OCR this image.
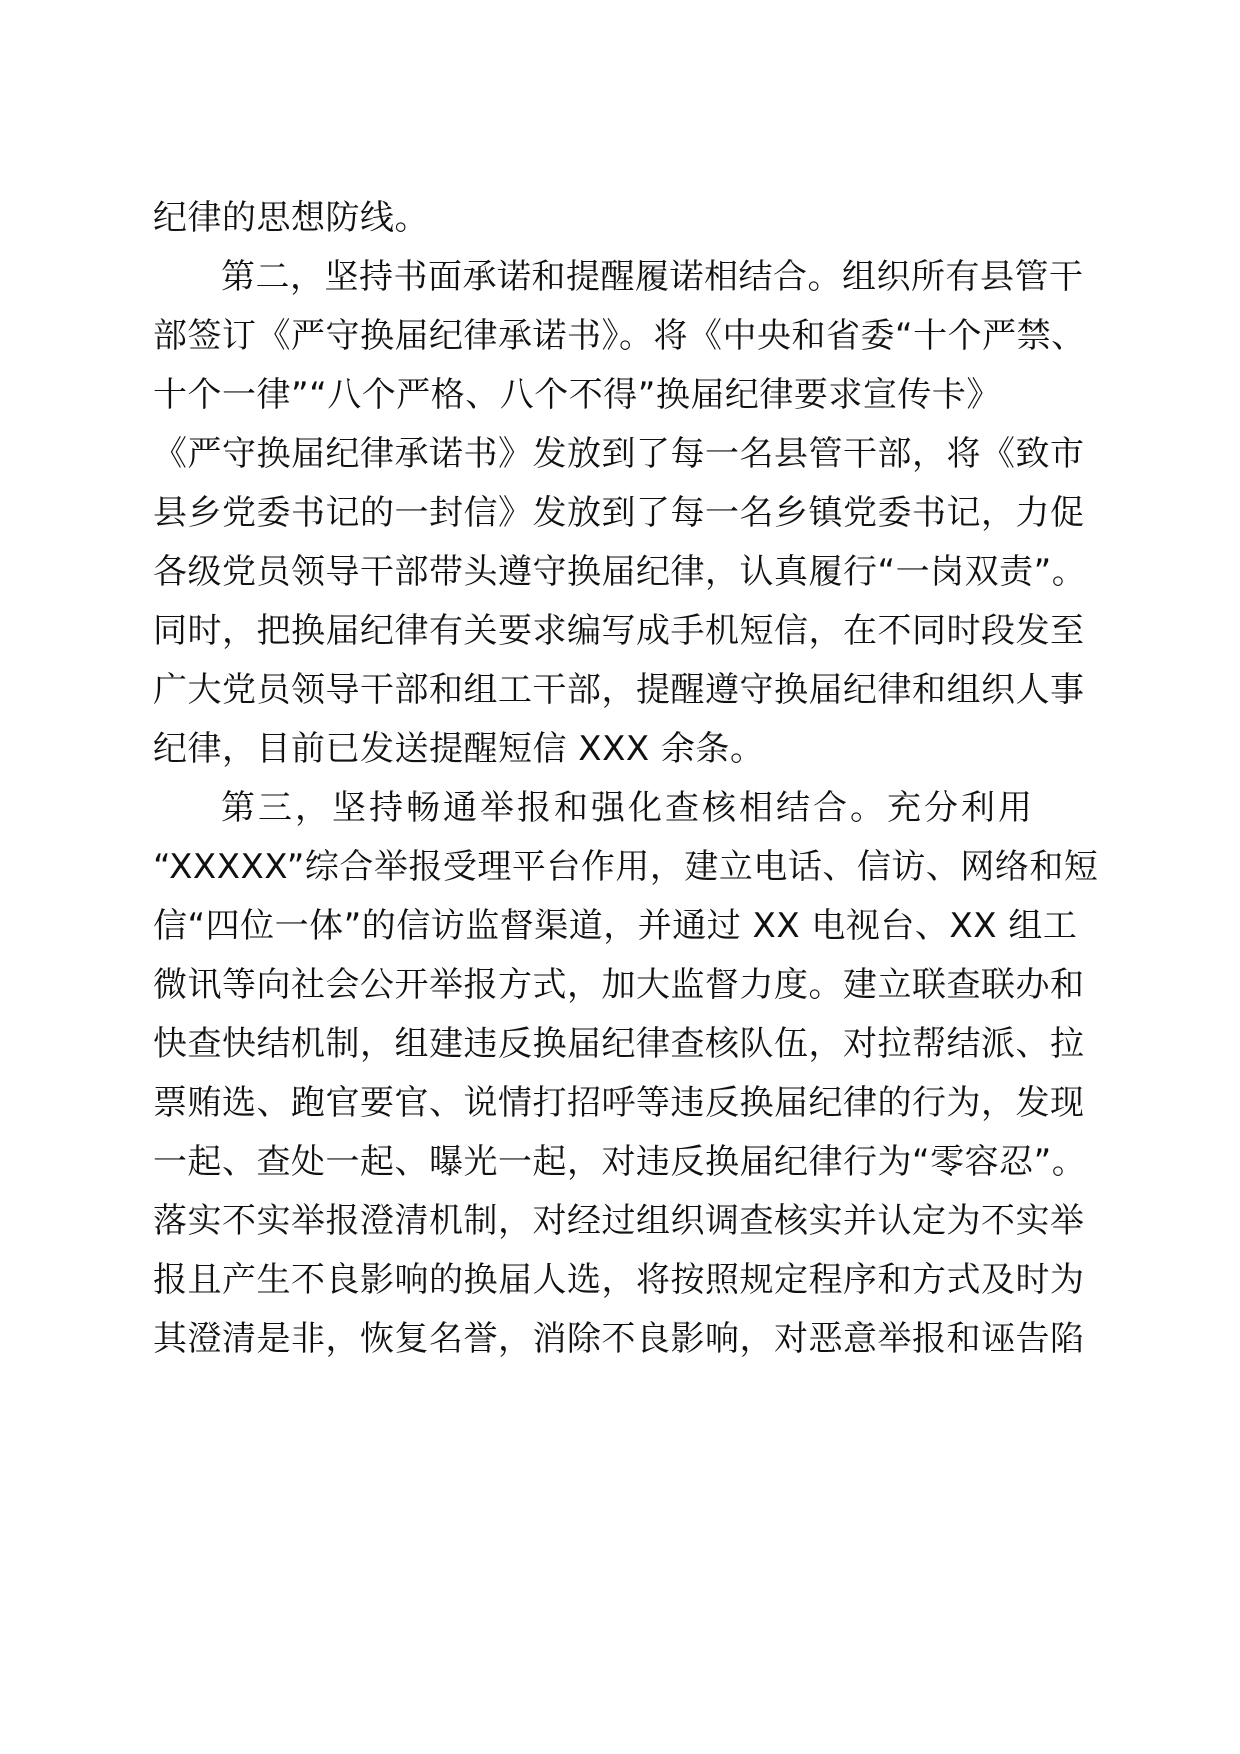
纪律的思想防线。
第二，坚持书面承诺和提醒履诺相结合。组织所有县管干
部签订《严守换届纪律承诺书》。将《中央和省委“十个严禁、
十个一律”“八个严格、八个不得”换届纪律要求宣传卡》
《严守换届纪律承诺书》发放到了每一名县管干部，将《致市
县乡党委书记的一封信》发放到了每一名乡镇党委书记，力促
各级党员领导干部带头遵守换届纪律，认真履行“一岗双责”。
同时，把换届纪律有关要求编写成手机短信，在不同时段发至
广大党员领导干部和组工干部，提醒遵守换届纪律和组织人事
纪律，目前已发送提醒短信 XXX 余条。
第三，坚持畅通举报和强化查核相结合。充分利用
“XXXXX”综合举报受理平台作用，建立电话、信访、网络和短
信“四位一体”的信访监督渠道，并通过 XX 电视台、XX 组工
微讯等向社会公开举报方式，加大监督力度。建立联查联办和
快查快结机制，组建违反换届纪律查核队伍，对拉帮结派、拉
票贿选、跑官要官、说情打招呼等违反换届纪律的行为，发现
一起、查处一起、曝光一起，对违反换届纪律行为“零容忍”。
落实不实举报澄清机制，对经过组织调查核实并认定为不实举
报且产生不良影响的换届人选，将按照规定程序和方式及时为
其澄清是非，恢复名誉，消除不良影响，对恶意举报和诬告陷
